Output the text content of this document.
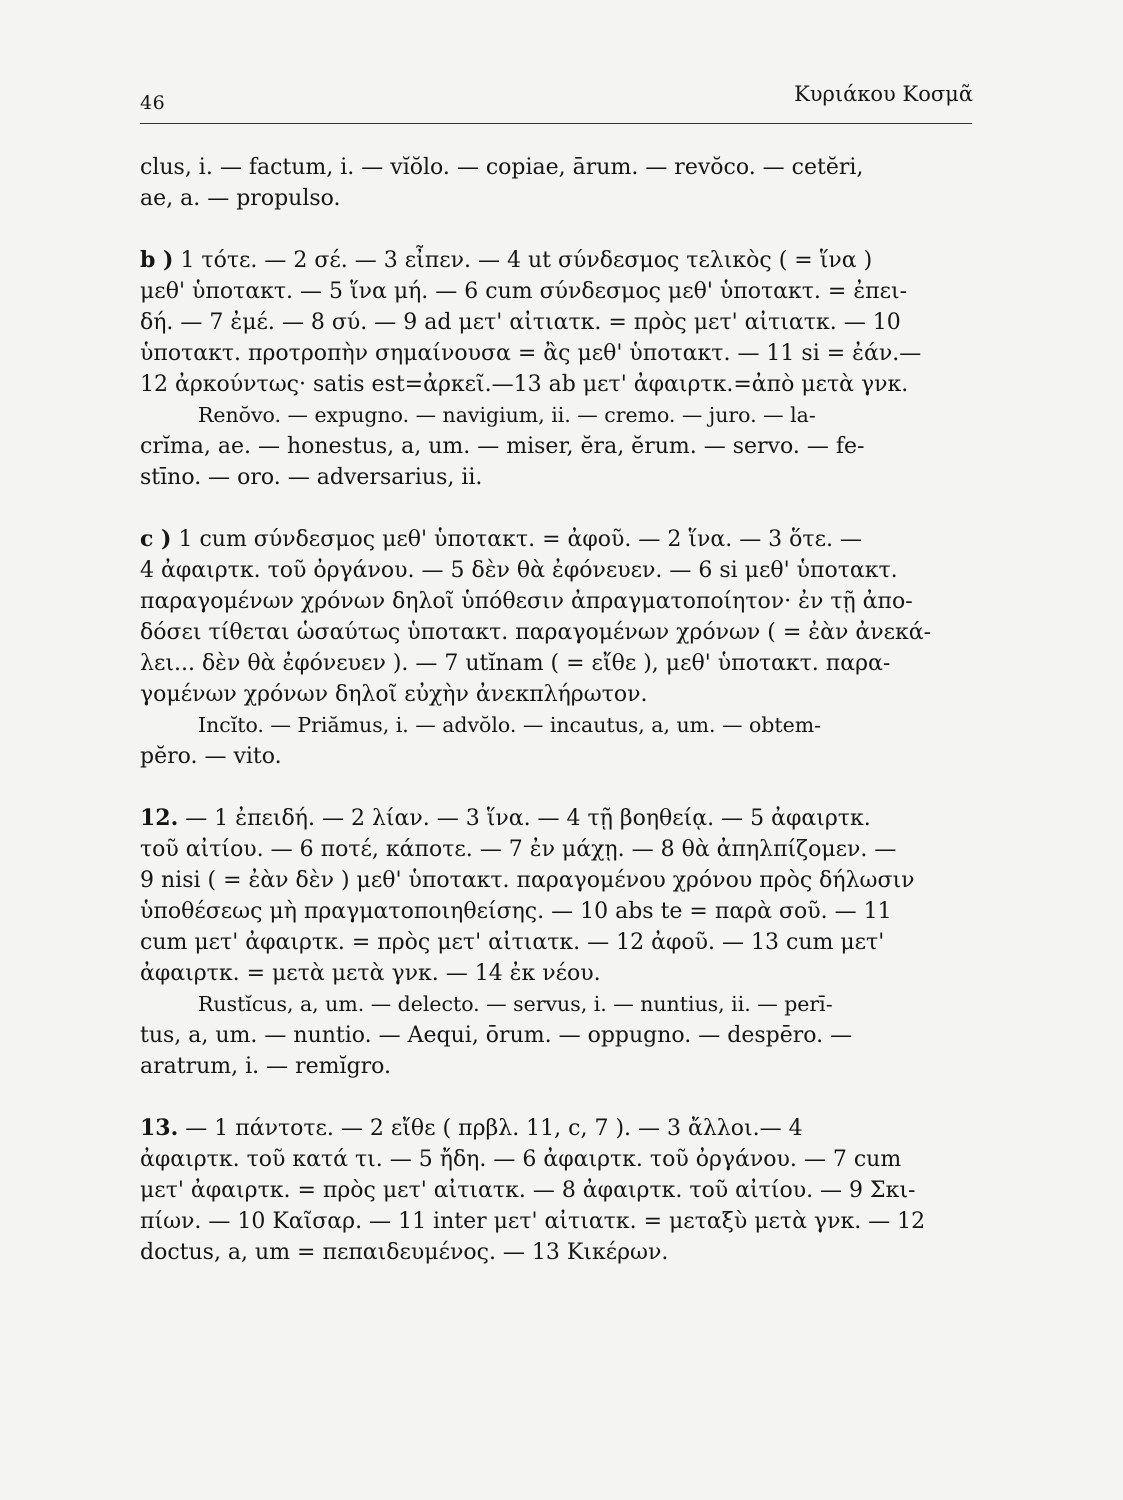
46	Κυριάκου Κοσμᾶ
clus, i. — factum, i. — vĭŏlo. — copiae, ārum. — revŏco. — cetĕri,
ae, a. — propulso.
b ) 1 τότε. — 2 σέ. — 3 εἶπεν. — 4 ut σύνδεσμος τελικὸς ( = ἵνα )
μεθ' ὑποτακτ. — 5 ἵνα μή. — 6 cum σύνδεσμος μεθ' ὑποτακτ. = ἐπει-
δή. — 7 ἐμέ. — 8 σύ. — 9 ad μετ' αἰτιατκ. = πρὸς μετ' αἰτιατκ. — 10
ὑποτακτ. προτροπὴν σημαίνουσα = ἂς μεθ' ὑποτακτ. — 11 si = ἐάν.—
12 ἀρκούντως· satis est=ἀρκεῖ.—13 ab μετ' ἀφαιρτκ.=ἀπὸ μετὰ γνκ.
Renŏvo. — expugno. — navigium, ii. — cremo. — juro. — la-
crĭma, ae. — honestus, a, um. — miser, ĕra, ĕrum. — servo. — fe-
stīno. — oro. — adversarius, ii.
c ) 1 cum σύνδεσμος μεθ' ὑποτακτ. = ἀφοῦ. — 2 ἵνα. — 3 ὅτε. —
4 ἀφαιρτκ. τοῦ ὀργάνου. — 5 δὲν θὰ ἐφόνευεν. — 6 si μεθ' ὑποτακτ.
παραγομένων χρόνων δηλοῖ ὑπόθεσιν ἀπραγματοποίητον· ἐν τῇ ἀπο-
δόσει τίθεται ὡσαύτως ὑποτακτ. παραγομένων χρόνων ( = ἐὰν ἀνεκά-
λει... δὲν θὰ ἐφόνευεν ). — 7 utĭnam ( = εἴθε ), μεθ' ὑποτακτ. παρα-
γομένων χρόνων δηλοῖ εὐχὴν ἀνεκπλήρωτον.
Incĭto. — Priămus, i. — advŏlo. — incautus, a, um. — obtem-
pĕro. — vito.
12. — 1 ἐπειδή. — 2 λίαν. — 3 ἵνα. — 4 τῇ βοηθείᾳ. — 5 ἀφαιρτκ.
τοῦ αἰτίου. — 6 ποτέ, κάποτε. — 7 ἐν μάχῃ. — 8 θὰ ἀπηλπίζομεν. —
9 nisi ( = ἐὰν δὲν ) μεθ' ὑποτακτ. παραγομένου χρόνου πρὸς δήλωσιν
ὑποθέσεως μὴ πραγματοποιηθείσης. — 10 abs te = παρὰ σοῦ. — 11
cum μετ' ἀφαιρτκ. = πρὸς μετ' αἰτιατκ. — 12 ἀφοῦ. — 13 cum μετ'
ἀφαιρτκ. = μετὰ μετὰ γνκ. — 14 ἐκ νέου.
Rustĭcus, a, um. — delecto. — servus, i. — nuntius, ii. — perī-
tus, a, um. — nuntio. — Aequi, ōrum. — oppugno. — despēro. —
aratrum, i. — remĭgro.
13. — 1 πάντοτε. — 2 εἴθε ( πρβλ. 11, c, 7 ). — 3 ἄλλοι.— 4
ἀφαιρτκ. τοῦ κατά τι. — 5 ἤδη. — 6 ἀφαιρτκ. τοῦ ὀργάνου. — 7 cum
μετ' ἀφαιρτκ. = πρὸς μετ' αἰτιατκ. — 8 ἀφαιρτκ. τοῦ αἰτίου. — 9 Σκι-
πίων. — 10 Καῖσαρ. — 11 inter μετ' αἰτιατκ. = μεταξὺ μετὰ γνκ. — 12
doctus, a, um = πεπαιδευμένος. — 13 Κικέρων.
